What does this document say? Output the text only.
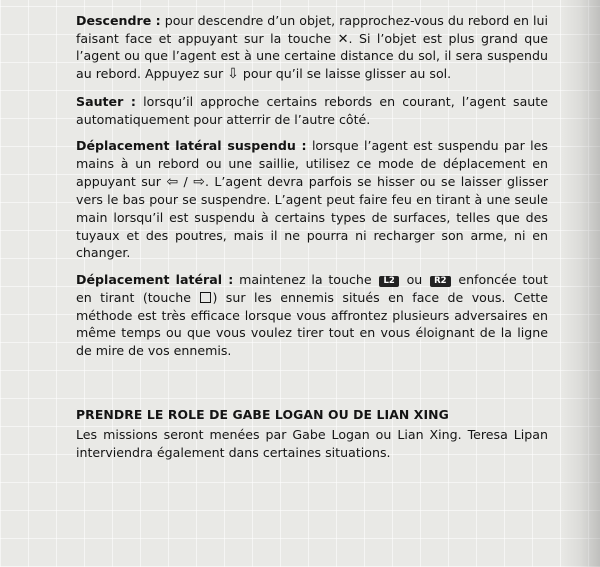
Descendre : pour descendre d’un objet, rapprochez-vous du rebord en lui faisant face et appuyant sur la touche ✕. Si l’objet est plus grand que l’agent ou que l’agent est à une certaine distance du sol, il sera suspendu au rebord. Appuyez sur ⇩ pour qu’il se laisse glisser au sol.

Sauter : lorsqu’il approche certains rebords en courant, l’agent saute automatiquement pour atterrir de l’autre côté.

Déplacement latéral suspendu : lorsque l’agent est suspendu par les mains à un rebord ou une saillie, utilisez ce mode de déplacement en appuyant sur ⇦ / ⇨. L’agent devra parfois se hisser ou se laisser glisser vers le bas pour se suspendre. L’agent peut faire feu en tirant à une seule main lorsqu’il est suspendu à certains types de surfaces, telles que des tuyaux et des poutres, mais il ne pourra ni recharger son arme, ni en changer.

Déplacement latéral : maintenez la touche L2 ou R2 enfoncée tout en tirant (touche ) sur les ennemis situés en face de vous. Cette méthode est très efficace lorsque vous affrontez plusieurs adversaires en même temps ou que vous voulez tirer tout en vous éloignant de la ligne de mire de vos ennemis.

PRENDRE LE ROLE DE GABE LOGAN OU DE LIAN XING

Les missions seront menées par Gabe Logan ou Lian Xing. Teresa Lipan interviendra également dans certaines situations.
